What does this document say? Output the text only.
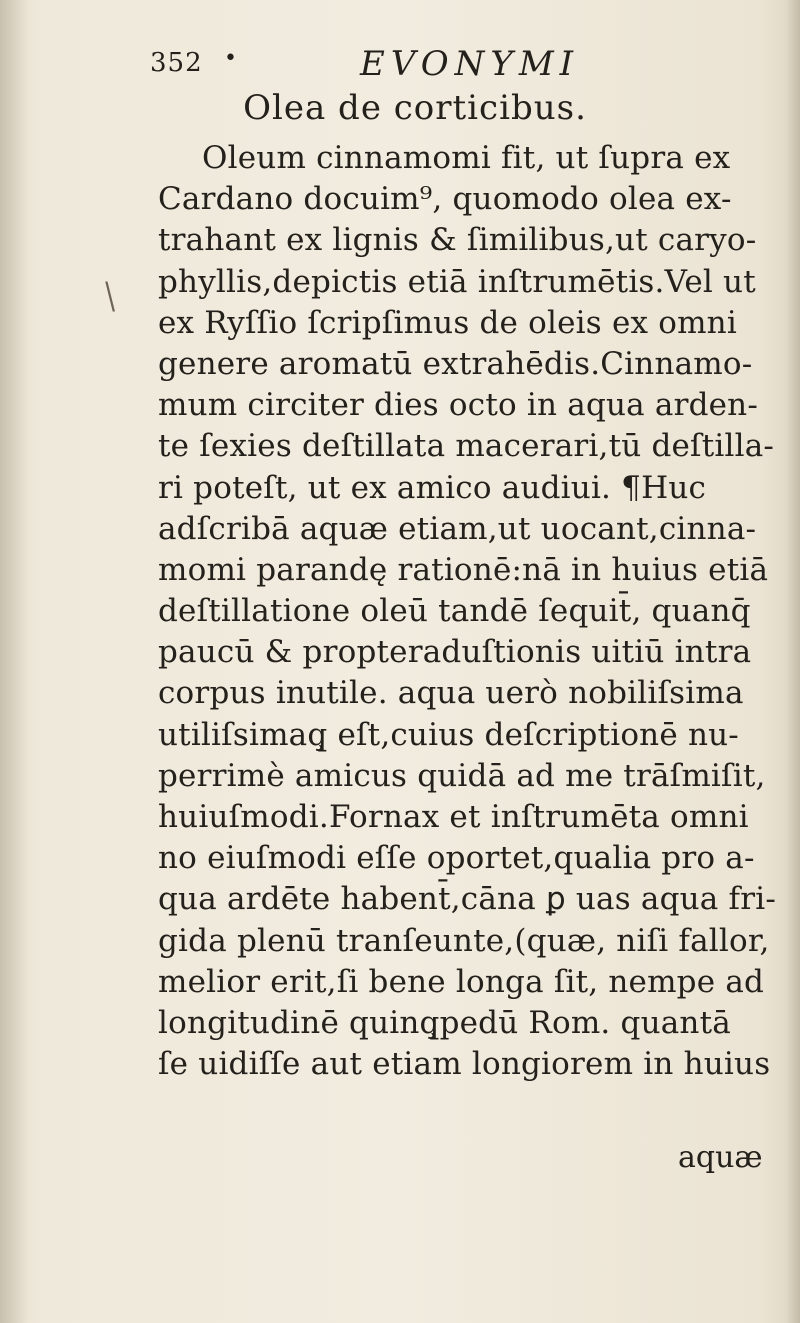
352 •	EVONYMI
\
Olea de corticibus.
Oleum cinnamomi fit, ut ſupra ex
Cardano docuim⁹, quomodo olea ex-
trahant ex lignis & ſimilibus,ut caryo-
phyllis,depictis etiā inſtrumētis.Vel ut
ex Ryſſio ſcripſimus de oleis ex omni
genere aromatū extrahēdis.Cinnamo-
mum circiter dies octo in aqua arden-
te ſexies deſtillata macerari,tū deſtilla-
ri poteſt, ut ex amico audiui. ¶Huc
adſcribā aquæ etiam,ut uocant,cinna-
momi parandę rationē:nā in huius etiā
deſtillatione oleū tandē ſequit̄, quanq̄
paucū & propteraduſtionis uitiū intra
corpus inutile. aqua uerò nobiliſsima
utiliſsimaq̧ eſt,cuius deſcriptionē nu-
perrimè amicus quidā ad me trāſmiſit,
huiuſmodi.Fornax et inſtrumēta omni
no eiuſmodi eſſe oportet,qualia pro a-
qua ardēte habent̄,cāna ꝑ uas aqua fri-
gida plenū tranſeunte,(quæ, niſi fallor,
melior erit,ſi bene longa ſit, nempe ad
longitudinē quinq̧pedū Rom. quantā
ſe uidiſſe aut etiam longiorem in huius
aquæ
